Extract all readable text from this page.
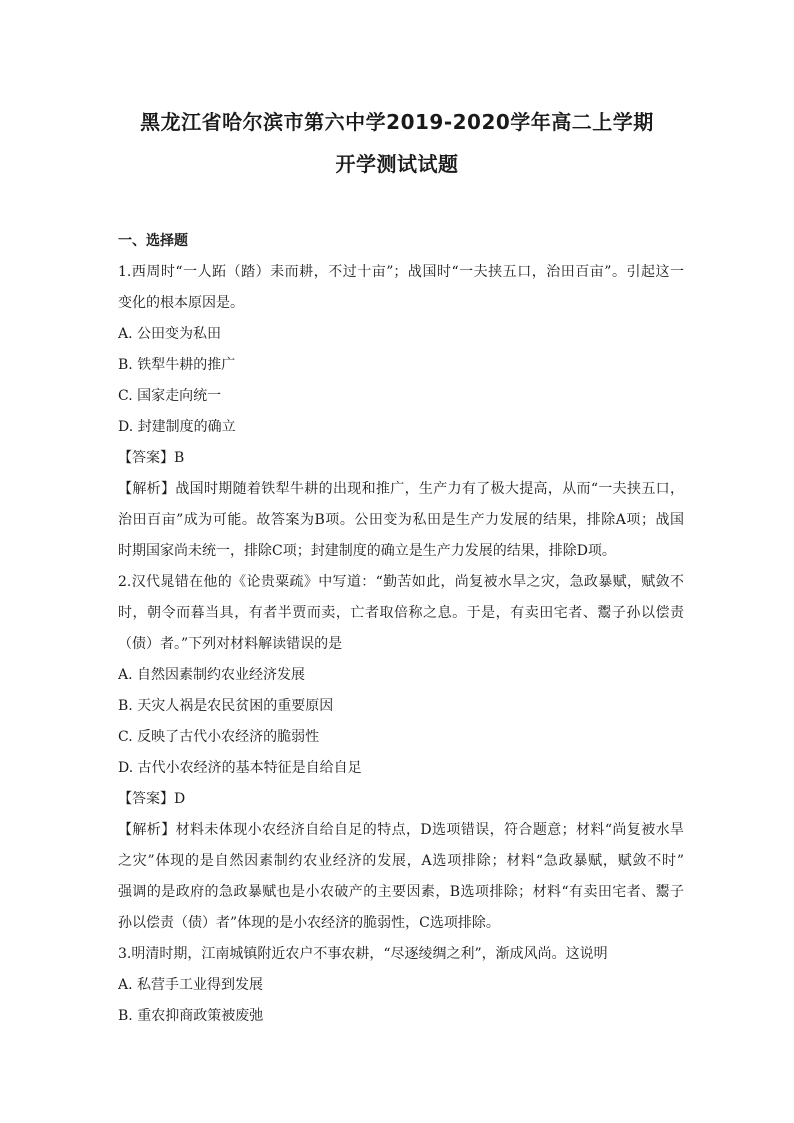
黑龙江省哈尔滨市第六中学2019-2020学年高二上学期
开学测试试题
一、选择题
1.西周时“一人跖（踏）耒而耕，不过十亩”；战国时“一夫挟五口，治田百亩”。引起这一
变化的根本原因是。
A. 公田变为私田
B. 铁犁牛耕的推广
C. 国家走向统一
D. 封建制度的确立
【答案】B
【解析】战国时期随着铁犁牛耕的出现和推广，生产力有了极大提高，从而“一夫挟五口，
治田百亩”成为可能。故答案为B项。公田变为私田是生产力发展的结果，排除A项；战国
时期国家尚未统一，排除C项；封建制度的确立是生产力发展的结果，排除D项。
2.汉代晁错在他的《论贵粟疏》中写道：“勤苦如此，尚复被水旱之灾，急政暴赋，赋敛不
时，朝令而暮当具，有者半贾而卖，亡者取倍称之息。于是，有卖田宅者、鬻子孙以偿责
（债）者。”下列对材料解读错误的是
A. 自然因素制约农业经济发展
B. 天灾人祸是农民贫困的重要原因
C. 反映了古代小农经济的脆弱性
D. 古代小农经济的基本特征是自给自足
【答案】D
【解析】材料未体现小农经济自给自足的特点，D选项错误，符合题意；材料“尚复被水旱
之灾”体现的是自然因素制约农业经济的发展，A选项排除；材料“急政暴赋，赋敛不时”
强调的是政府的急政暴赋也是小农破产的主要因素，B选项排除；材料“有卖田宅者、鬻子
孙以偿责（债）者”体现的是小农经济的脆弱性，C选项排除。
3.明清时期，江南城镇附近农户不事农耕，“尽逐绫绸之利”，渐成风尚。这说明
A. 私营手工业得到发展
B. 重农抑商政策被废弛
